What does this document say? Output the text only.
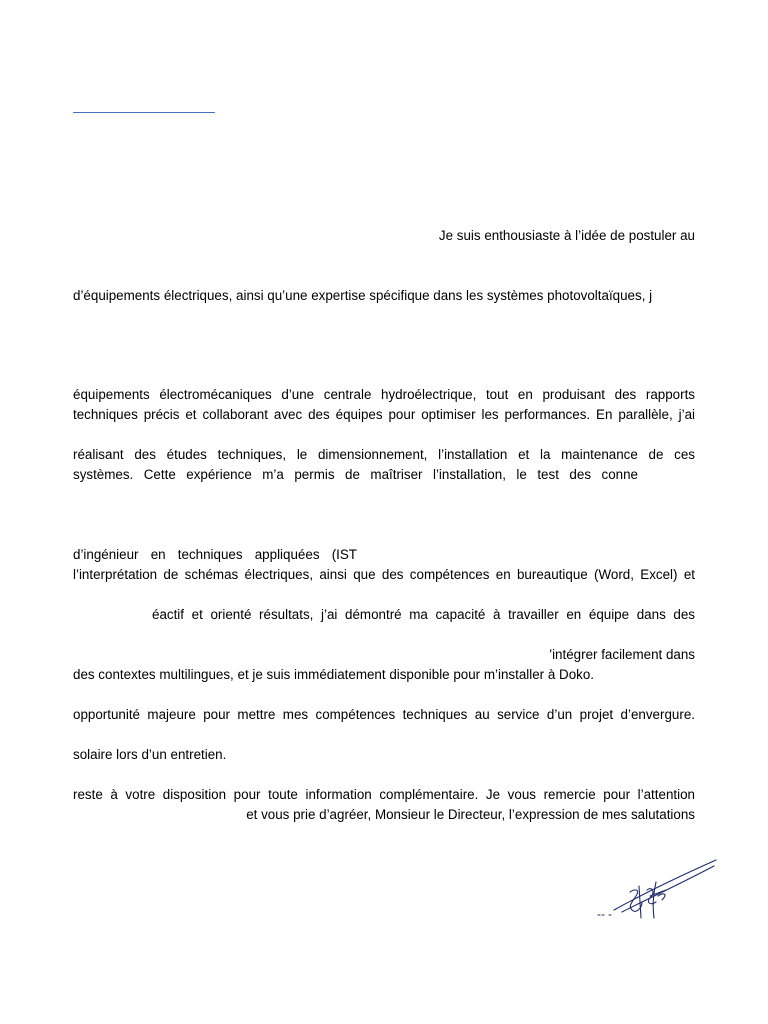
Je suis enthousiaste à l’idée de postuler au
d’équipements électriques, ainsi qu’une expertise spécifique dans les systèmes photovoltaïques, j
équipements électromécaniques d’une centrale hydroélectrique, tout en produisant des rapports
techniques précis et collaborant avec des équipes pour optimiser les performances. En parallèle, j’ai
réalisant des études techniques, le dimensionnement, l’installation et la maintenance de ces
systèmes. Cette expérience m’a permis de maîtriser l’installation, le test des conne
d’ingénieur en techniques appliquées (IST
l’interprétation de schémas électriques, ainsi que des compétences en bureautique (Word, Excel) et
éactif et orienté résultats, j’ai démontré ma capacité à travailler en équipe dans des
’intégrer facilement dans
des contextes multilingues, et je suis immédiatement disponible pour m’installer à Doko.
opportunité majeure pour mettre mes compétences techniques au service d’un projet d’envergure.
solaire lors d’un entretien.
reste à votre disposition pour toute information complémentaire. Je vous remercie pour l’attention
et vous prie d’agréer, Monsieur le Directeur, l’expression de mes salutations
